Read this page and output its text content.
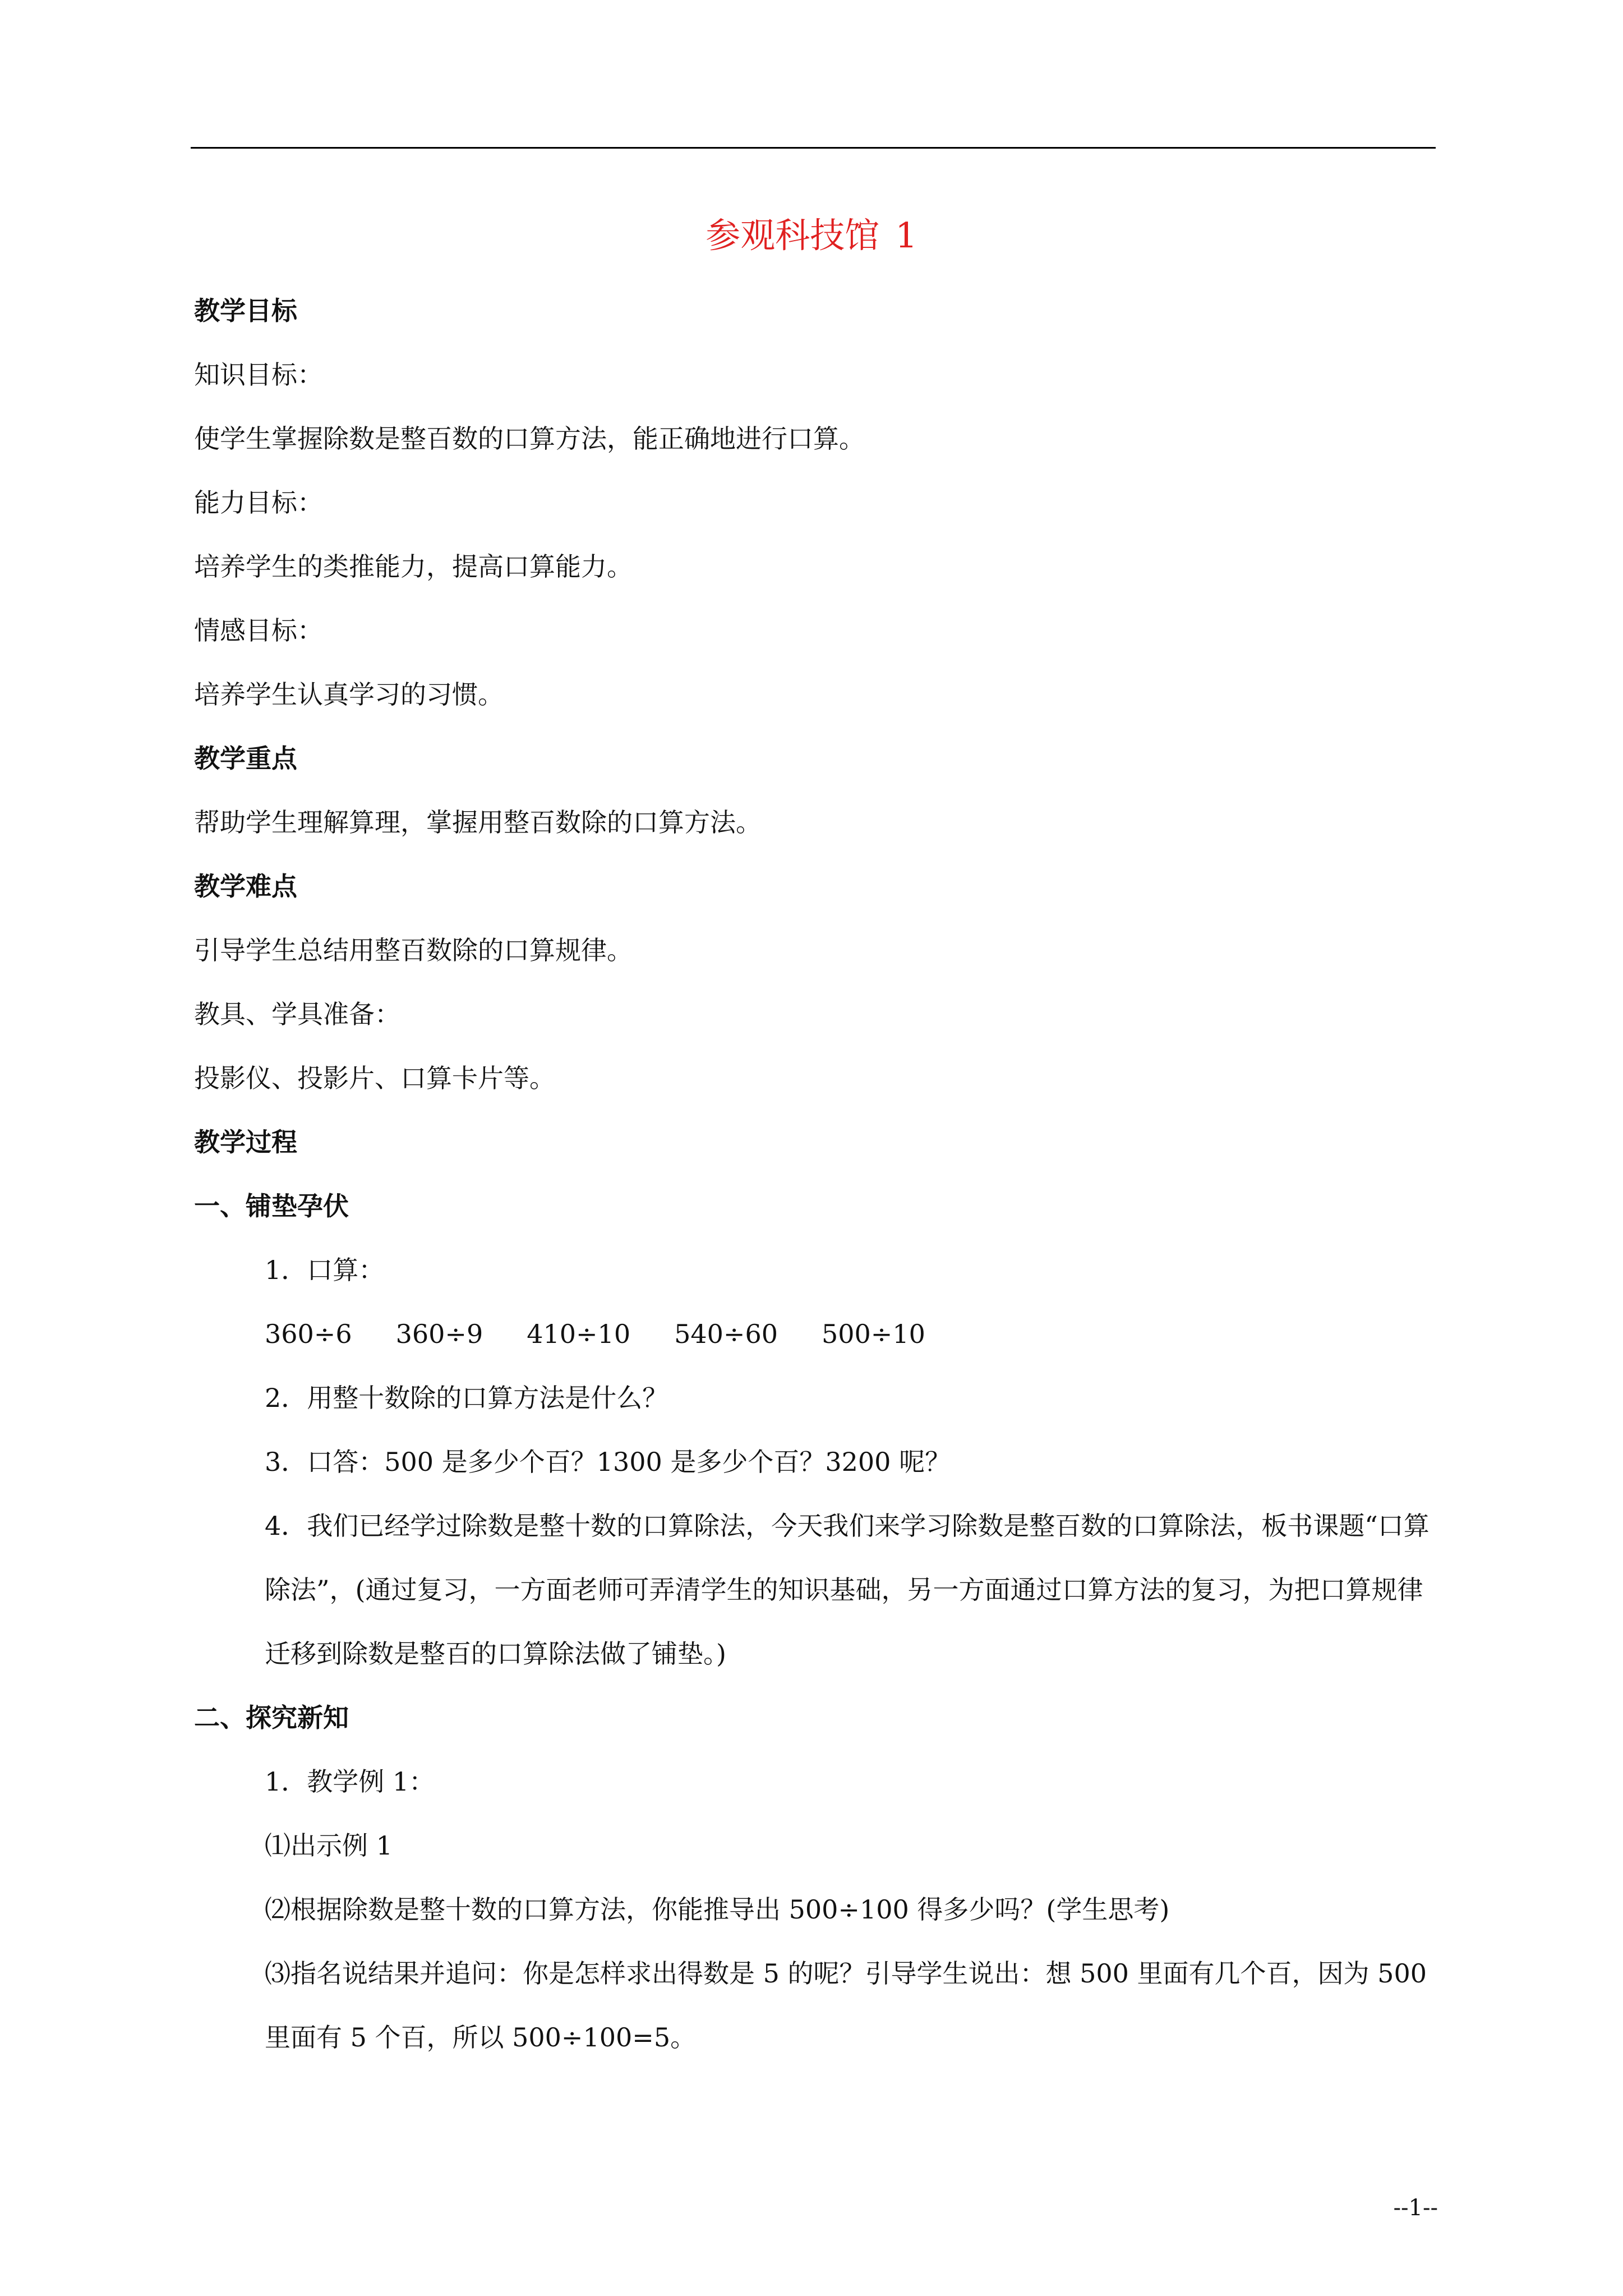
参观科技馆 1
教学目标
知识目标：
使学生掌握除数是整百数的口算方法，能正确地进行口算。
能力目标：
培养学生的类推能力，提高口算能力。
情感目标：
培养学生认真学习的习惯。
教学重点
帮助学生理解算理，掌握用整百数除的口算方法。
教学难点
引导学生总结用整百数除的口算规律。
教具、学具准备：
投影仪、投影片、口算卡片等。
教学过程
一、铺垫孕伏
1．口算：
360÷6 360÷9 410÷10 540÷60 500÷10
2．用整十数除的口算方法是什么？
3．口答：500 是多少个百？1300 是多少个百？3200 呢？
4．我们已经学过除数是整十数的口算除法，今天我们来学习除数是整百数的口算除法，板书课题“口算除法”，(通过复习，一方面老师可弄清学生的知识基础，另一方面通过口算方法的复习，为把口算规律迁移到除数是整百的口算除法做了铺垫。)
二、探究新知
1．教学例 1：
⑴出示例 1
⑵根据除数是整十数的口算方法，你能推导出 500÷100 得多少吗？(学生思考)
⑶指名说结果并追问：你是怎样求出得数是 5 的呢？引导学生说出：想 500 里面有几个百，因为 500 里面有 5 个百，所以 500÷100=5。
--1--
